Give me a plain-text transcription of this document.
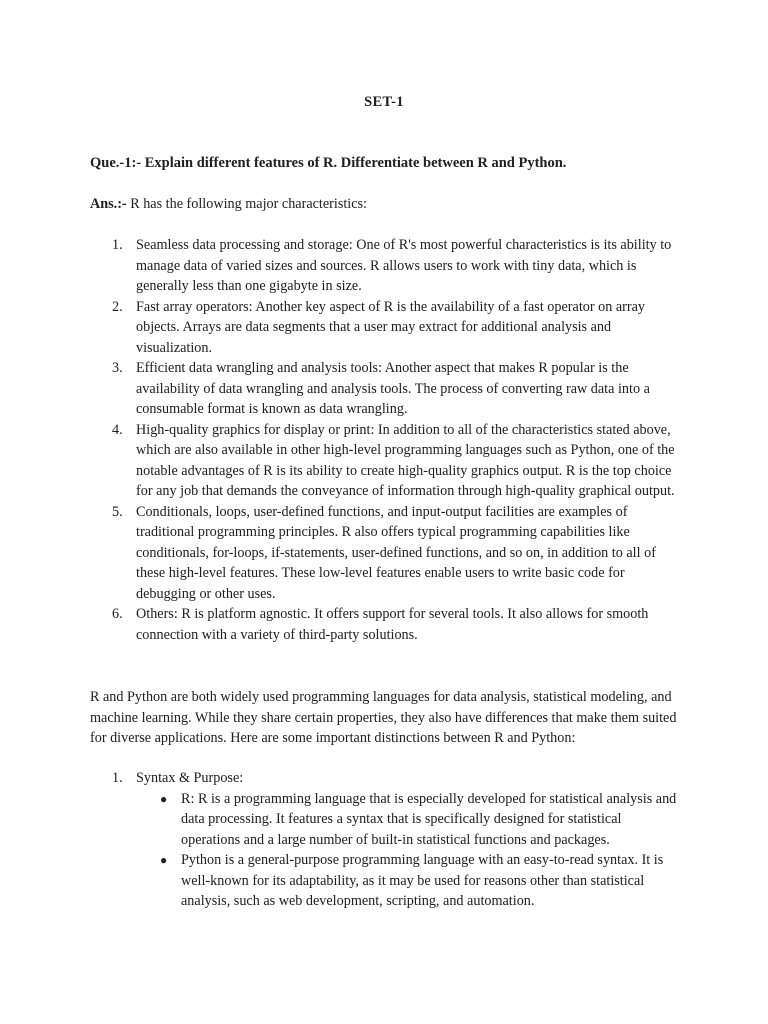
SET-1
Que.-1:- Explain different features of R. Differentiate between R and Python.
Ans.:- R has the following major characteristics:
1. Seamless data processing and storage: One of R's most powerful characteristics is its ability to manage data of varied sizes and sources. R allows users to work with tiny data, which is generally less than one gigabyte in size.
2. Fast array operators: Another key aspect of R is the availability of a fast operator on array objects. Arrays are data segments that a user may extract for additional analysis and visualization.
3. Efficient data wrangling and analysis tools: Another aspect that makes R popular is the availability of data wrangling and analysis tools. The process of converting raw data into a consumable format is known as data wrangling.
4. High-quality graphics for display or print: In addition to all of the characteristics stated above, which are also available in other high-level programming languages such as Python, one of the notable advantages of R is its ability to create high-quality graphics output. R is the top choice for any job that demands the conveyance of information through high-quality graphical output.
5. Conditionals, loops, user-defined functions, and input-output facilities are examples of traditional programming principles. R also offers typical programming capabilities like conditionals, for-loops, if-statements, user-defined functions, and so on, in addition to all of these high-level features. These low-level features enable users to write basic code for debugging or other uses.
6. Others: R is platform agnostic. It offers support for several tools. It also allows for smooth connection with a variety of third-party solutions.
R and Python are both widely used programming languages for data analysis, statistical modeling, and machine learning. While they share certain properties, they also have differences that make them suited for diverse applications. Here are some important distinctions between R and Python:
1. Syntax & Purpose:
● R: R is a programming language that is especially developed for statistical analysis and data processing. It features a syntax that is specifically designed for statistical operations and a large number of built-in statistical functions and packages.
● Python is a general-purpose programming language with an easy-to-read syntax. It is well-known for its adaptability, as it may be used for reasons other than statistical analysis, such as web development, scripting, and automation.
